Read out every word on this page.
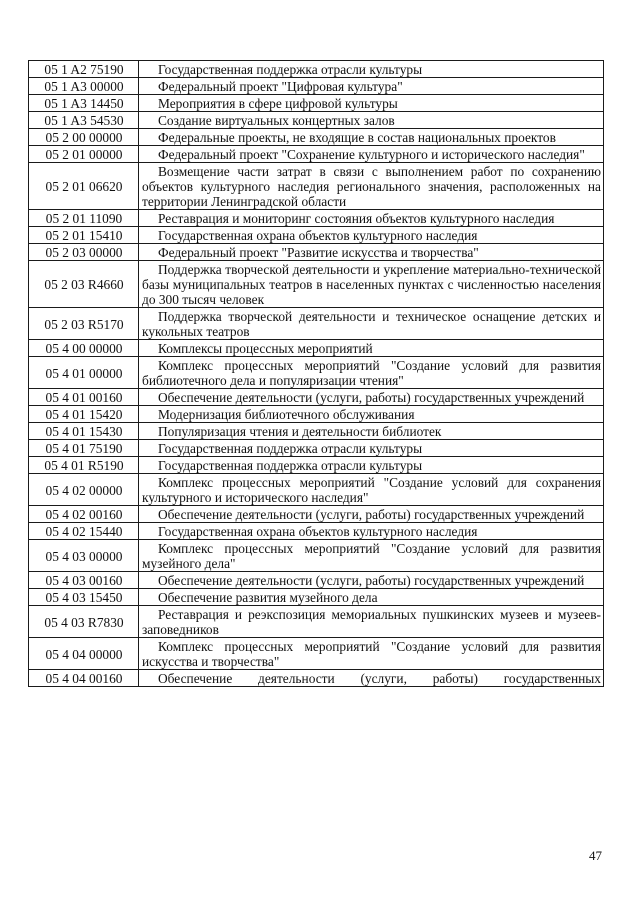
05 1 A2 75190	Государственная поддержка отрасли культуры
05 1 A3 00000	Федеральный проект "Цифровая культура"
05 1 A3 14450	Мероприятия в сфере цифровой культуры
05 1 A3 54530	Создание виртуальных концертных залов
05 2 00 00000	Федеральные проекты, не входящие в состав национальных проектов
05 2 01 00000	Федеральный проект "Сохранение культурного и исторического наследия"
05 2 01 06620	Возмещение части затрат в связи с выполнением работ по сохранению объектов культурного наследия регионального значения, расположенных на территории Ленинградской области
05 2 01 11090	Реставрация и мониторинг состояния объектов культурного наследия
05 2 01 15410	Государственная охрана объектов культурного наследия
05 2 03 00000	Федеральный проект "Развитие искусства и творчества"
05 2 03 R4660	Поддержка творческой деятельности и укрепление материально-технической базы муниципальных театров в населенных пунктах с численностью населения до 300 тысяч человек
05 2 03 R5170	Поддержка творческой деятельности и техническое оснащение детских и кукольных театров
05 4 00 00000	Комплексы процессных мероприятий
05 4 01 00000	Комплекс процессных мероприятий "Создание условий для развития библиотечного дела и популяризации чтения"
05 4 01 00160	Обеспечение деятельности (услуги, работы) государственных учреждений
05 4 01 15420	Модернизация библиотечного обслуживания
05 4 01 15430	Популяризация чтения и деятельности библиотек
05 4 01 75190	Государственная поддержка отрасли культуры
05 4 01 R5190	Государственная поддержка отрасли культуры
05 4 02 00000	Комплекс процессных мероприятий "Создание условий для сохранения культурного и исторического наследия"
05 4 02 00160	Обеспечение деятельности (услуги, работы) государственных учреждений
05 4 02 15440	Государственная охрана объектов культурного наследия
05 4 03 00000	Комплекс процессных мероприятий "Создание условий для развития музейного дела"
05 4 03 00160	Обеспечение деятельности (услуги, работы) государственных учреждений
05 4 03 15450	Обеспечение развития музейного дела
05 4 03 R7830	Реставрация и реэкспозиция мемориальных пушкинских музеев и музеев-заповедников
05 4 04 00000	Комплекс процессных мероприятий "Создание условий для развития искусства и творчества"
05 4 04 00160	Обеспечение деятельности (услуги, работы) государственных
47
